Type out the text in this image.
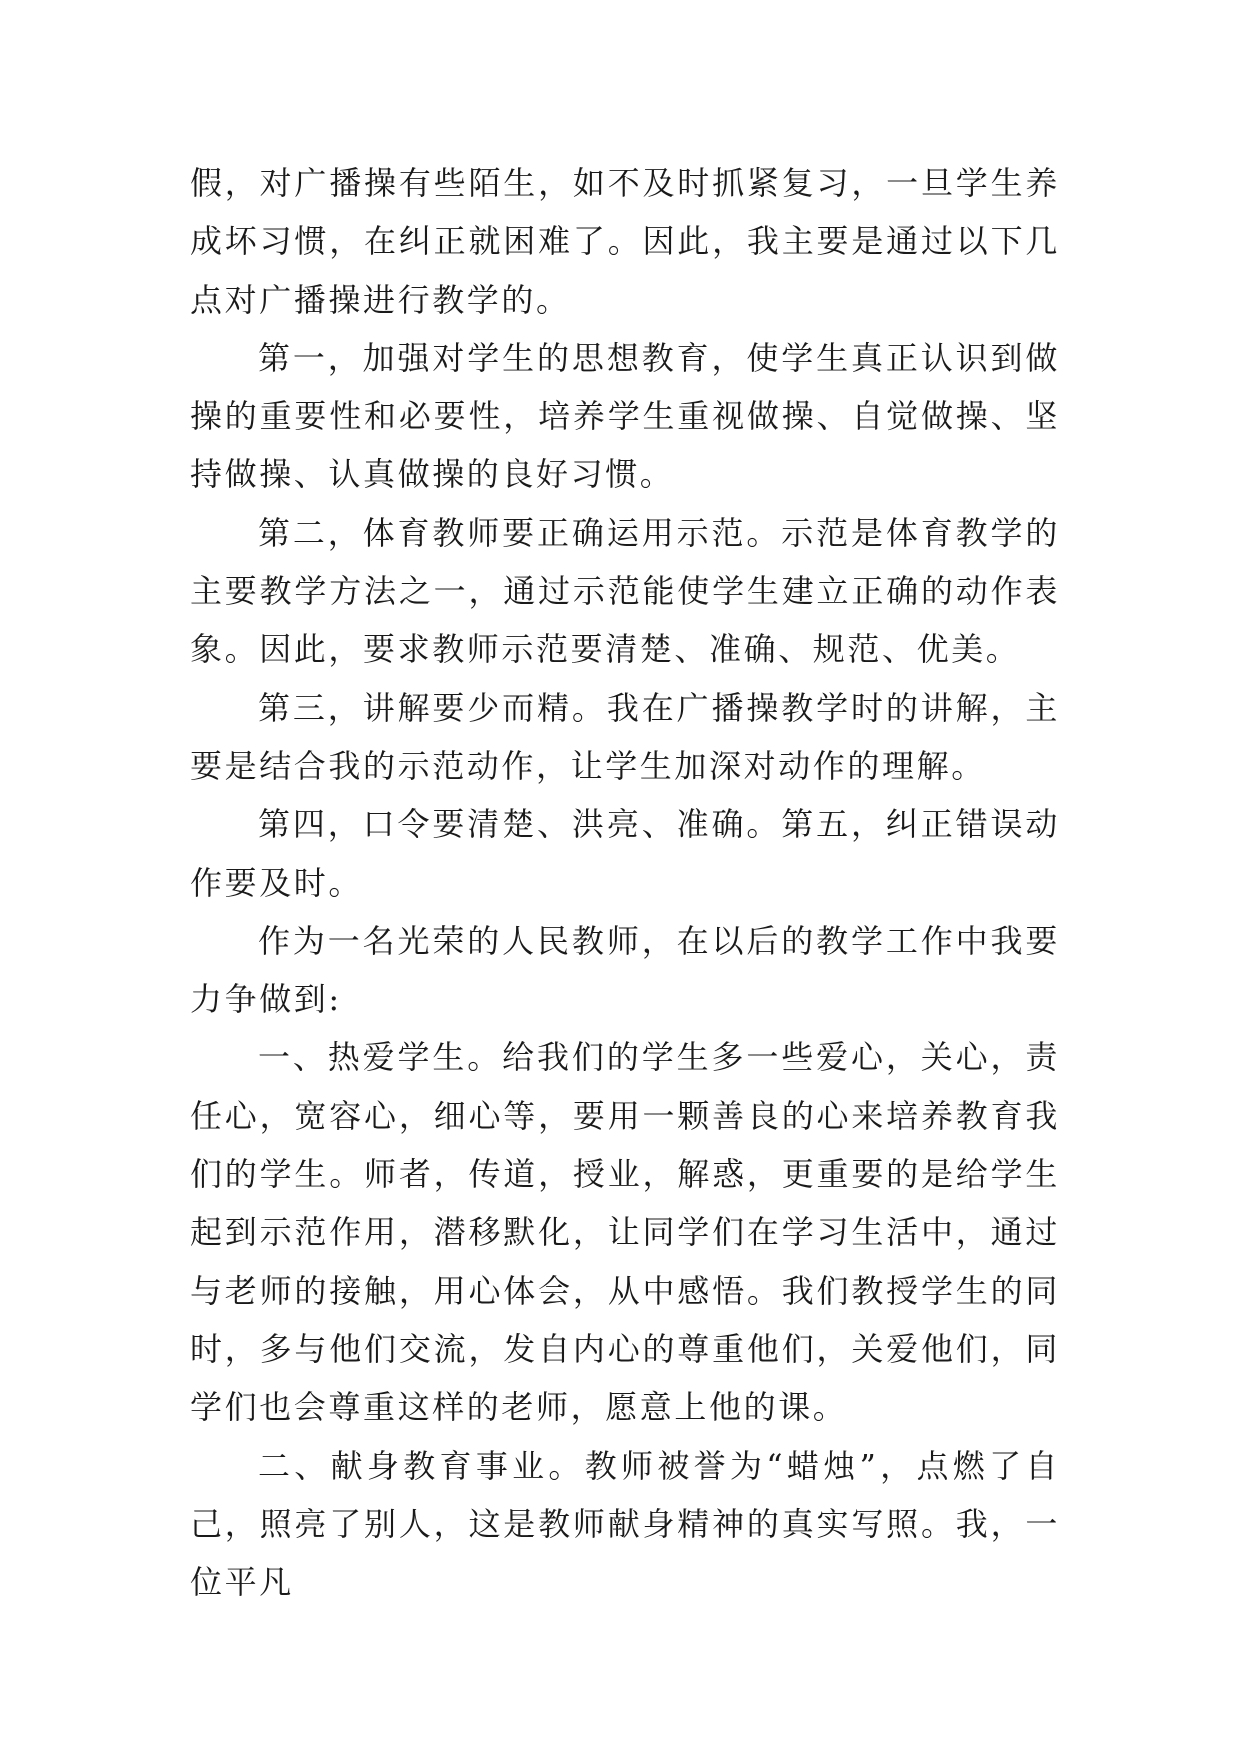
假，对广播操有些陌生，如不及时抓紧复习，一旦学生养成坏习惯，在纠正就困难了。因此，我主要是通过以下几点对广播操进行教学的。

第一，加强对学生的思想教育，使学生真正认识到做操的重要性和必要性，培养学生重视做操、自觉做操、坚持做操、认真做操的良好习惯。

第二，体育教师要正确运用示范。示范是体育教学的主要教学方法之一，通过示范能使学生建立正确的动作表象。因此，要求教师示范要清楚、准确、规范、优美。

第三，讲解要少而精。我在广播操教学时的讲解，主要是结合我的示范动作，让学生加深对动作的理解。

第四，口令要清楚、洪亮、准确。第五，纠正错误动作要及时。

作为一名光荣的人民教师，在以后的教学工作中我要力争做到:

一、热爱学生。给我们的学生多一些爱心，关心，责任心，宽容心，细心等，要用一颗善良的心来培养教育我们的学生。师者，传道，授业，解惑，更重要的是给学生起到示范作用，潜移默化，让同学们在学习生活中，通过与老师的接触，用心体会，从中感悟。我们教授学生的同时，多与他们交流，发自内心的尊重他们，关爱他们，同学们也会尊重这样的老师，愿意上他的课。

二、献身教育事业。教师被誉为“蜡烛”，点燃了自己，照亮了别人，这是教师献身精神的真实写照。我，一位平凡
